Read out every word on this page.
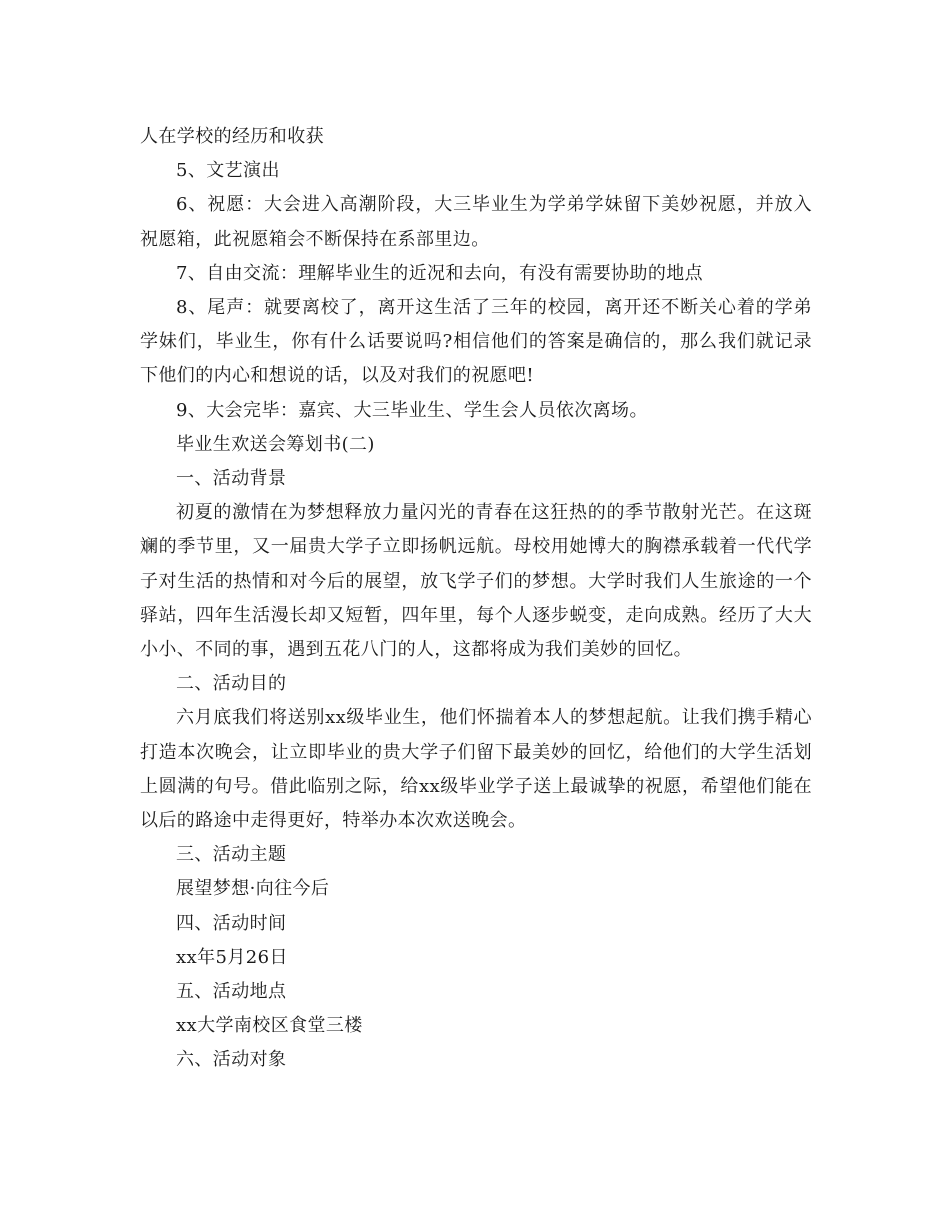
人在学校的经历和收获

5、文艺演出

6、祝愿：大会进入高潮阶段，大三毕业生为学弟学妹留下美妙祝愿，并放入祝愿箱，此祝愿箱会不断保持在系部里边。

7、自由交流：理解毕业生的近况和去向，有没有需要协助的地点

8、尾声：就要离校了，离开这生活了三年的校园，离开还不断关心着的学弟学妹们，毕业生，你有什么话要说吗?相信他们的答案是确信的，那么我们就记录下他们的内心和想说的话，以及对我们的祝愿吧!

9、大会完毕：嘉宾、大三毕业生、学生会人员依次离场。

毕业生欢送会筹划书(二)

一、活动背景

初夏的激情在为梦想释放力量闪光的青春在这狂热的的季节散射光芒。在这斑斓的季节里，又一届贵大学子立即扬帆远航。母校用她博大的胸襟承载着一代代学子对生活的热情和对今后的展望，放飞学子们的梦想。大学时我们人生旅途的一个驿站，四年生活漫长却又短暂，四年里，每个人逐步蜕变，走向成熟。经历了大大小小、不同的事，遇到五花八门的人，这都将成为我们美妙的回忆。

二、活动目的

六月底我们将送别xx级毕业生，他们怀揣着本人的梦想起航。让我们携手精心打造本次晚会，让立即毕业的贵大学子们留下最美妙的回忆，给他们的大学生活划上圆满的句号。借此临别之际，给xx级毕业学子送上最诚挚的祝愿，希望他们能在以后的路途中走得更好，特举办本次欢送晚会。

三、活动主题

展望梦想·向往今后

四、活动时间

xx年5月26日

五、活动地点

xx大学南校区食堂三楼

六、活动对象
